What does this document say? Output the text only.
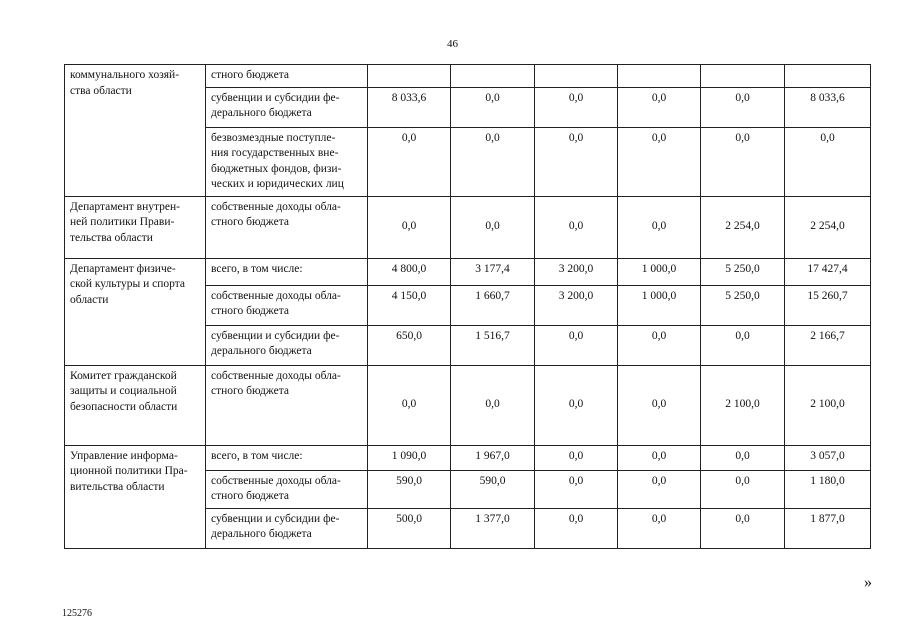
46
коммунального хозяй-
ства области	стного бюджета						
	субвенции и субсидии фе-
дерального бюджета	8 033,6	0,0	0,0	0,0	0,0	8 033,6
	безвозмездные поступле-
ния государственных вне-
бюджетных фондов, физи-
ческих и юридических лиц	0,0	0,0	0,0	0,0	0,0	0,0
Департамент внутрен-
ней политики Прави-
тельства области	собственные доходы обла-
стного бюджета	0,0	0,0	0,0	0,0	2 254,0	2 254,0
Департамент физиче-
ской культуры и спорта
области	всего, в том числе:	4 800,0	3 177,4	3 200,0	1 000,0	5 250,0	17 427,4
	собственные доходы обла-
стного бюджета	4 150,0	1 660,7	3 200,0	1 000,0	5 250,0	15 260,7
	субвенции и субсидии фе-
дерального бюджета	650,0	1 516,7	0,0	0,0	0,0	2 166,7
Комитет гражданской
защиты и социальной
безопасности области	собственные доходы обла-
стного бюджета	0,0	0,0	0,0	0,0	2 100,0	2 100,0
Управление информа-
ционной политики Пра-
вительства области	всего, в том числе:	1 090,0	1 967,0	0,0	0,0	0,0	3 057,0
	собственные доходы обла-
стного бюджета	590,0	590,0	0,0	0,0	0,0	1 180,0
	субвенции и субсидии фе-
дерального бюджета	500,0	1 377,0	0,0	0,0	0,0	1 877,0
»
125276
